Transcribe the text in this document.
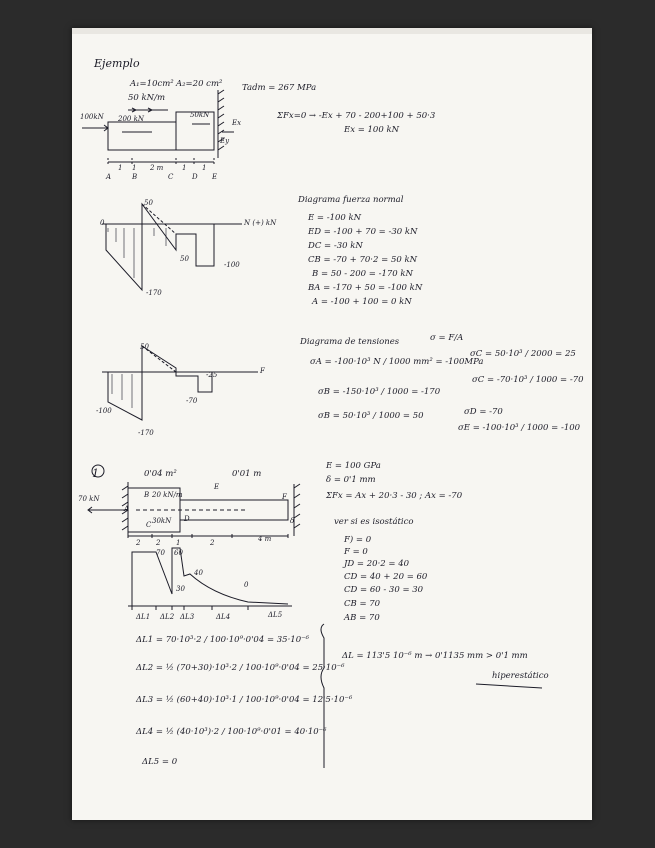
Ejemplo
A₁=10cm² A₂=20 cm²
50 kN/m
100kN 200 kN	50kN
Ex
Ey
Tadm = 267 MPa
ΣFx=0 → -Ex + 70 - 200+100 + 50·3
Ex = 100 kN
A	B	C	D E
1 1 2 m	1 1
Diagrama fuerza normal
E = -100 kN
ED = -100 + 70 = -30 kN
DC = -30 kN
CB = -70 + 70·2 = 50 kN
B = 50 - 200 = -170 kN
BA = -170 + 50 = -100 kN
A = -100 + 100 = 0 kN
N (+) kN
50
0
50
-100
-170
Diagrama de tensiones	σ = F/A
σA = -100·10³ N / 1000 mm² = -100MPa
σB = -150·10³ / 1000 = -170
σB = 50·10³ / 1000 = 50
σC = 50·10³ / 2000 = 25
σC = -70·10³ / 1000 = -70
σD = -70
σE = -100·10³ / 1000 = -100
50
-100
-170
-25
-70
F
1	0'04 m²	0'01 m
70 kN	20 kN/m
30kN
A
B
C
D
E
F
δ
2 2 1	2	4 m
E = 100 GPa
δ = 0'1 mm
ΣFx = Ax + 20·3 - 30 ; Ax = -70
ver si es isostático
F) = 0
F = 0
JD = 20·2 = 40
CD = 40 + 20 = 60
CD = 60 - 30 = 30
CB = 70
AB = 70
70 60
40
30	0
ΔL1 ΔL2 ΔL3	ΔL4	ΔL5
ΔL1 = 70·10³·2 / 100·10⁹·0'04 = 35·10⁻⁶
ΔL2 = ½ (70+30)·10³·2 / 100·10⁹·0'04 = 25·10⁻⁶
ΔL3 = ½ (60+40)·10³·1 / 100·10⁹·0'04 = 12'5·10⁻⁶
ΔL4 = ½ (40·10³)·2 / 100·10⁹·0'01 = 40·10⁻⁶
ΔL5 = 0
ΔL = 113'5 10⁻⁶ m → 0'1135 mm > 0'1 mm
hiperestático
